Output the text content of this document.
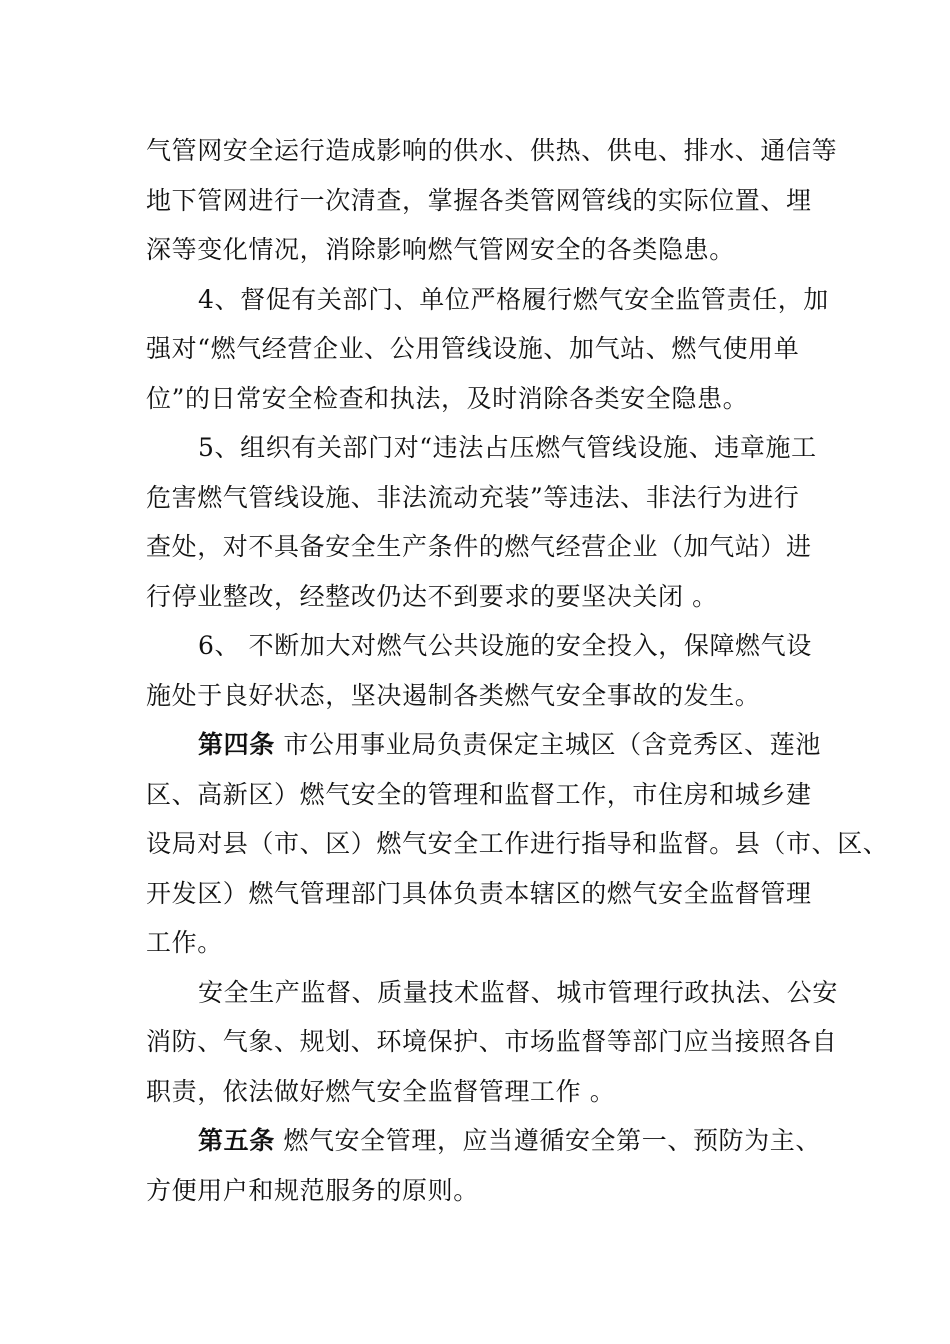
气管网安全运行造成影响的供水、供热、供电、排水、通信等
地下管网进行一次清查，掌握各类管网管线的实际位置、埋
深等变化情况，消除影响燃气管网安全的各类隐患。
4、督促有关部门、单位严格履行燃气安全监管责任，加
强对“燃气经营企业、公用管线设施、加气站、燃气使用单
位”的日常安全检查和执法，及时消除各类安全隐患。
5、组织有关部门对“违法占压燃气管线设施、违章施工
危害燃气管线设施、非法流动充装”等违法、非法行为进行
查处，对不具备安全生产条件的燃气经营企业（加气站）进
行停业整改，经整改仍达不到要求的要坚决关闭 。
6、 不断加大对燃气公共设施的安全投入，保障燃气设
施处于良好状态，坚决遏制各类燃气安全事故的发生。
第四条 市公用事业局负责保定主城区（含竞秀区、莲池
区、高新区）燃气安全的管理和监督工作，市住房和城乡建
设局对县（市、区）燃气安全工作进行指导和监督。县（市、区、
开发区）燃气管理部门具体负责本辖区的燃气安全监督管理
工作。
安全生产监督、质量技术监督、城市管理行政执法、公安
消防、气象、规划、环境保护、市场监督等部门应当接照各自
职责，依法做好燃气安全监督管理工作 。
第五条 燃气安全管理，应当遵循安全第一、预防为主、
方便用户和规范服务的原则。
